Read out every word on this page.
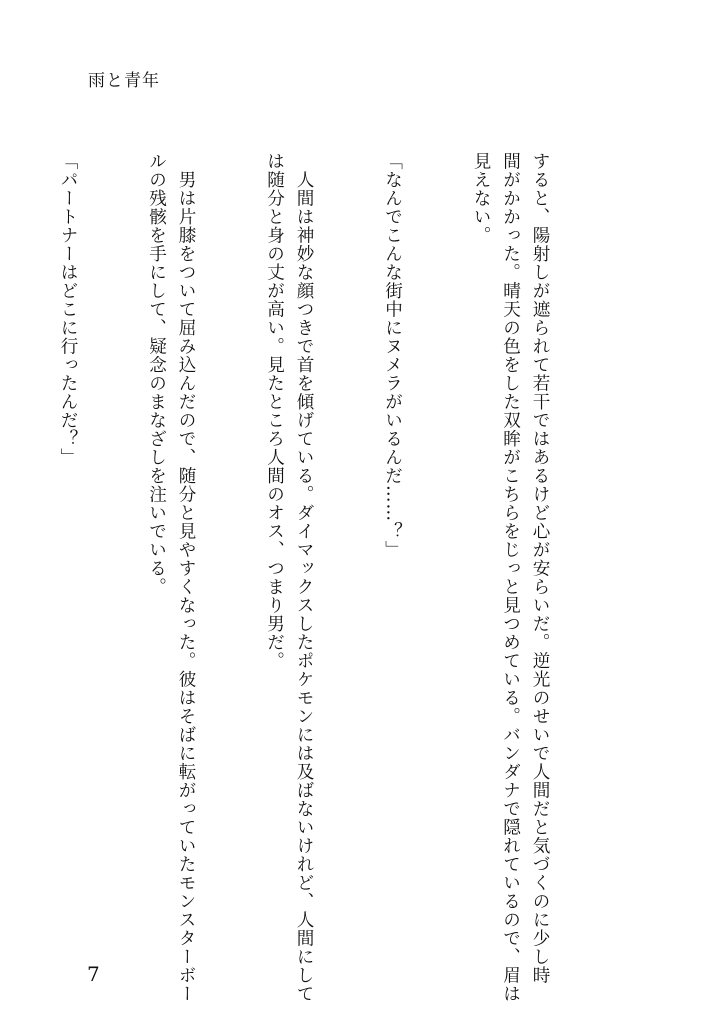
雨と青年

すると、陽射しが遮られて若干ではあるけど心が安らいだ。逆光のせいで人間だと気づくのに少し時
間がかかった。晴天の色をした双眸がこちらをじっと見つめている。バンダナで隠れているので、眉は
見えない。

「なんでこんな街中にヌメラがいるんだ……？」

　人間は神妙な顔つきで首を傾げている。ダイマックスしたポケモンには及ばないけれど、人間にして
は随分と身の丈が高い。見たところ人間のオス、つまり男だ。

　男は片膝をついて屈み込んだので、随分と見やすくなった。彼はそばに転がっていたモンスターボー
ルの残骸を手にして、疑念のまなざしを注いでいる。

「パートナーはどこに行ったんだ？」

7
